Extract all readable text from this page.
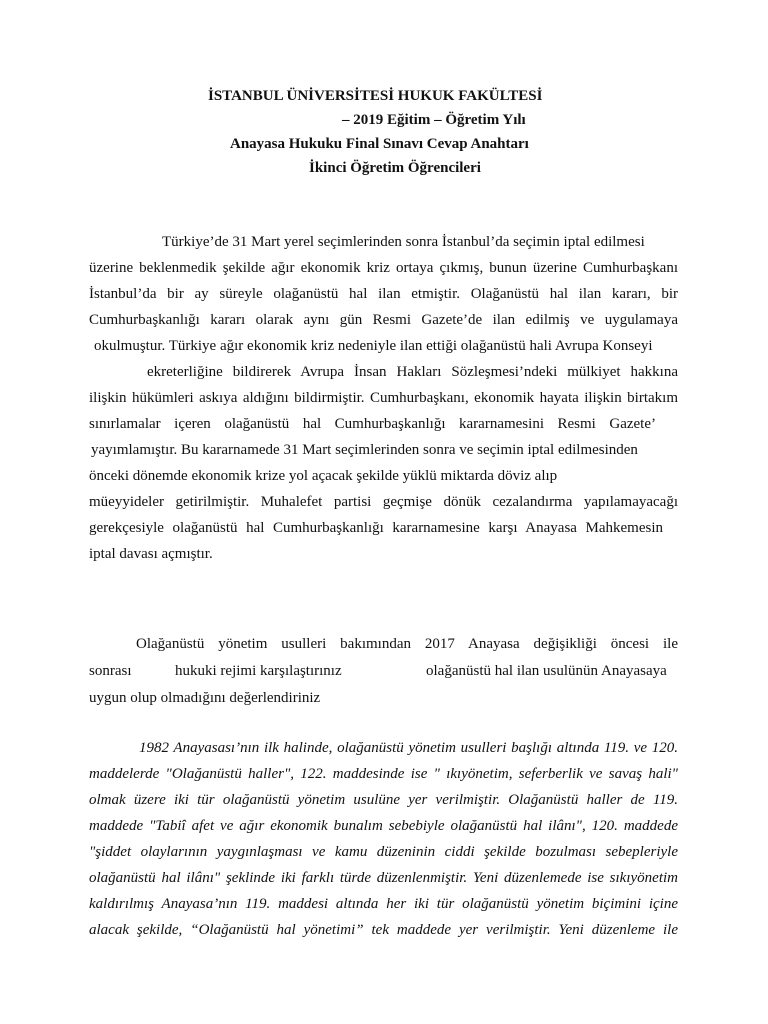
İSTANBUL ÜNİVERSİTESİ HUKUK FAKÜLTESİ
– 2019 Eğitim – Öğretim Yılı
Anayasa Hukuku Final Sınavı Cevap Anahtarı
İkinci Öğretim Öğrencileri
Türkiye’de 31 Mart yerel seçimlerinden sonra İstanbul’da seçimin iptal edilmesi
üzerine beklenmedik şekilde ağır ekonomik kriz ortaya çıkmış, bunun üzerine Cumhurbaşkanı
İstanbul’da bir ay süreyle olağanüstü hal ilan etmiştir. Olağanüstü hal ilan kararı, bir
Cumhurbaşkanlığı kararı olarak aynı gün Resmi Gazete’de ilan edilmiş ve uygulamaya
okulmuştur. Türkiye ağır ekonomik kriz nedeniyle ilan ettiği olağanüstü hali Avrupa Konseyi
ekreterliğine bildirerek Avrupa İnsan Hakları Sözleşmesi’ndeki mülkiyet hakkına
ilişkin hükümleri askıya aldığını bildirmiştir. Cumhurbaşkanı, ekonomik hayata ilişkin birtakım
sınırlamalar içeren olağanüstü hal Cumhurbaşkanlığı kararnamesini Resmi Gazete’
yayımlamıştır. Bu kararnamede 31 Mart seçimlerinden sonra ve seçimin iptal edilmesinden
önceki dönemde ekonomik krize yol açacak şekilde yüklü miktarda döviz alıp
müeyyideler getirilmiştir. Muhalefet partisi geçmişe dönük cezalandırma yapılamayacağı
gerekçesiyle olağanüstü hal Cumhurbaşkanlığı kararnamesine karşı Anayasa Mahkemesin
iptal davası açmıştır.
Olağanüstü yönetim usulleri bakımından 2017 Anayasa değişikliği öncesi ile
sonrası	hukuki rejimi karşılaştırınız	olağanüstü hal ilan usulünün Anayasaya
uygun olup olmadığını değerlendiriniz
1982 Anayasası’nın ilk halinde, olağanüstü yönetim usulleri başlığı altında 119. ve 120.
maddelerde "Olağanüstü haller", 122. maddesinde ise " ıkıyönetim, seferberlik ve savaş hali"
olmak üzere iki tür olağanüstü yönetim usulüne yer verilmiştir. Olağanüstü haller de 119.
maddede "Tabiî afet ve ağır ekonomik bunalım sebebiyle olağanüstü hal ilânı", 120. maddede
"şiddet olaylarının yaygınlaşması ve kamu düzeninin ciddi şekilde bozulması sebepleriyle
olağanüstü hal ilânı" şeklinde iki farklı türde düzenlenmiştir. Yeni düzenlemede ise sıkıyönetim
kaldırılmış Anayasa’nın 119. maddesi altında her iki tür olağanüstü yönetim biçimini içine
alacak şekilde, “Olağanüstü hal yönetimi” tek maddede yer verilmiştir. Yeni düzenleme ile
